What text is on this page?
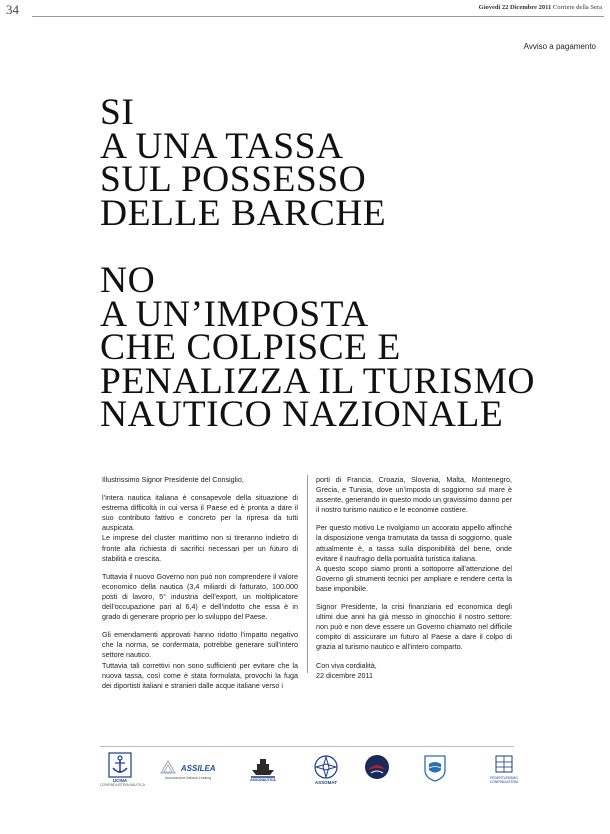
34	Giovedì 22 Dicembre 2011 Corriere della Sera
Avviso a pagamento
SI
A UNA TASSA
SUL POSSESSO
DELLE BARCHE
NO
A UN’IMPOSTA
CHE COLPISCE E
PENALIZZA IL TURISMO
NAUTICO NAZIONALE

Illustrissimo Signor Presidente del Consiglio,

l’intera nautica italiana è consapevole della situazione di estrema difficoltà in cui versa il Paese ed è pronta a dare il suo contributo fattivo e concreto per la ripresa da tutti auspicata.

Le imprese del cluster marittimo non si tireranno indietro di fronte alla richiesta di sacrifici necessari per un futuro di stabilità e crescita.

Tuttavia il nuovo Governo non può non comprendere il valore economico della nautica (3,4 miliardi di fatturato, 100.000 posti di lavoro, 5° industria dell’export, un moltiplicatore dell’occupazione pari al 6,4) e dell’indotto che essa è in grado di generare proprio per lo sviluppo del Paese.

Gli emendamenti approvati hanno ridotto l’impatto negativo che la norma, se confermata, potrebbe generare sull’intero settore nautico.

Tuttavia tali correttivi non sono sufficienti per evitare che la nuova tassa, così come è stata formulata, provochi la fuga dei diportisti italiani e stranieri dalle acque italiane verso i

porti di Francia, Croazia, Slovenia, Malta, Montenegro, Grecia, e Tunisia, dove un’imposta di soggiorno sul mare è assente, generando in questo modo un gravissimo danno per il nostro turismo nautico e le economie costiere.

Per questo motivo Le rivolgiamo un accorato appello affinché la disposizione venga tramutata da tassa di soggiorno, quale attualmente è, a tassa sulla disponibilità del bene, onde evitare il naufragio della portualità turistica italiana.

A questo scopo siamo pronti a sottoporre all’attenzione del Governo gli strumenti tecnici per ampliare e rendere certa la base imponibile.

Signor Presidente, la crisi finanziaria ed economica degli ultimi due anni ha già messo in ginocchio il nostro settore: non può e non deve essere un Governo chiamato nel difficile compito di assicurare un futuro al Paese a dare il colpo di grazia al turismo nautico e all’intero comparto.

Con viva cordialità,

22 dicembre 2011

UCINA
CONFINDUSTRIA NAUTICA
ASSILEA
Associazione Italiana Leasing	ASSONAUTICA	ASSOMAT
FEDERTURISMO
CONFINDUSTRIA
